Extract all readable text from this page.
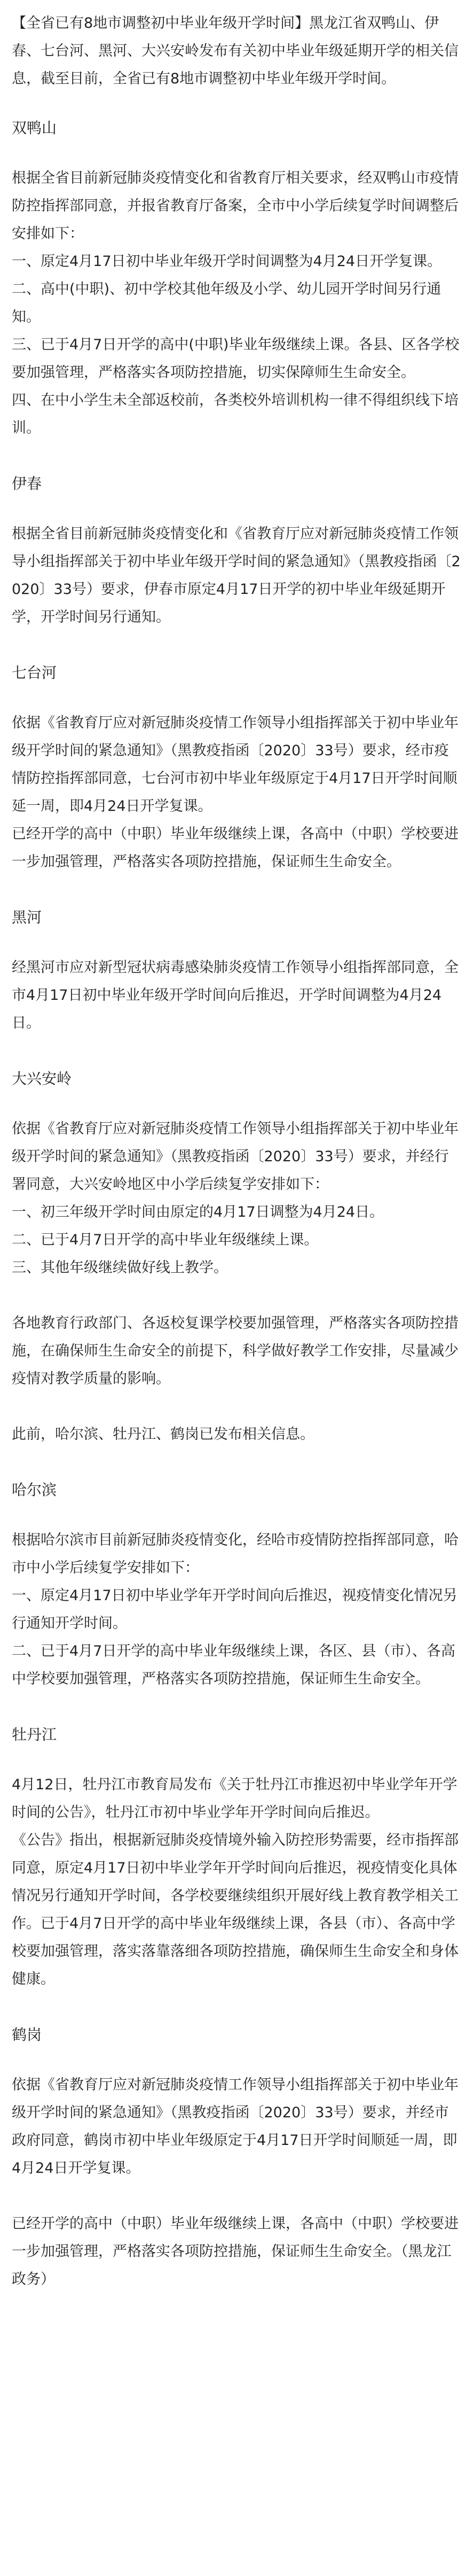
【全省已有8地市调整初中毕业年级开学时间】黑龙江省双鸭山、伊春、七台河、黑河、大兴安岭发布有关初中毕业年级延期开学的相关信息，截至目前，全省已有8地市调整初中毕业年级开学时间。
双鸭山
根据全省目前新冠肺炎疫情变化和省教育厅相关要求，经双鸭山市疫情防控指挥部同意，并报省教育厅备案，全市中小学后续复学时间调整后安排如下：
一、原定4月17日初中毕业年级开学时间调整为4月24日开学复课。
二、高中(中职)、初中学校其他年级及小学、幼儿园开学时间另行通知。
三、已于4月7日开学的高中(中职)毕业年级继续上课。各县、区各学校要加强管理，严格落实各项防控措施，切实保障师生生命安全。
四、在中小学生未全部返校前，各类校外培训机构一律不得组织线下培训。
伊春
根据全省目前新冠肺炎疫情变化和《省教育厅应对新冠肺炎疫情工作领导小组指挥部关于初中毕业年级开学时间的紧急通知》（黑教疫指函〔2020〕33号）要求，伊春市原定4月17日开学的初中毕业年级延期开学，开学时间另行通知。
七台河
依据《省教育厅应对新冠肺炎疫情工作领导小组指挥部关于初中毕业年级开学时间的紧急通知》（黑教疫指函〔2020〕33号）要求，经市疫情防控指挥部同意，七台河市初中毕业年级原定于4月17日开学时间顺延一周，即4月24日开学复课。
已经开学的高中（中职）毕业年级继续上课，各高中（中职）学校要进一步加强管理，严格落实各项防控措施，保证师生生命安全。
黑河
经黑河市应对新型冠状病毒感染肺炎疫情工作领导小组指挥部同意，全市4月17日初中毕业年级开学时间向后推迟，开学时间调整为4月24日。
大兴安岭
依据《省教育厅应对新冠肺炎疫情工作领导小组指挥部关于初中毕业年级开学时间的紧急通知》（黑教疫指函〔2020〕33号）要求，并经行署同意，大兴安岭地区中小学后续复学安排如下：
一、初三年级开学时间由原定的4月17日调整为4月24日。
二、已于4月7日开学的高中毕业年级继续上课。
三、其他年级继续做好线上教学。
各地教育行政部门、各返校复课学校要加强管理，严格落实各项防控措施，在确保师生生命安全的前提下，科学做好教学工作安排，尽量减少疫情对教学质量的影响。
此前，哈尔滨、牡丹江、鹤岗已发布相关信息。
哈尔滨
根据哈尔滨市目前新冠肺炎疫情变化，经哈市疫情防控指挥部同意，哈市中小学后续复学安排如下：
一、原定4月17日初中毕业学年开学时间向后推迟，视疫情变化情况另行通知开学时间。
二、已于4月7日开学的高中毕业年级继续上课，各区、县（市）、各高中学校要加强管理，严格落实各项防控措施，保证师生生命安全。
牡丹江
4月12日，牡丹江市教育局发布《关于牡丹江市推迟初中毕业学年开学时间的公告》，牡丹江市初中毕业学年开学时间向后推迟。
《公告》指出，根据新冠肺炎疫情境外输入防控形势需要，经市指挥部同意，原定4月17日初中毕业学年开学时间向后推迟，视疫情变化具体情况另行通知开学时间，各学校要继续组织开展好线上教育教学相关工作。已于4月7日开学的高中毕业年级继续上课，各县（市）、各高中学校要加强管理，落实落靠落细各项防控措施，确保师生生命安全和身体健康。
鹤岗
依据《省教育厅应对新冠肺炎疫情工作领导小组指挥部关于初中毕业年级开学时间的紧急通知》（黑教疫指函〔2020〕33号）要求，并经市政府同意，鹤岗市初中毕业年级原定于4月17日开学时间顺延一周，即4月24日开学复课。
已经开学的高中（中职）毕业年级继续上课，各高中（中职）学校要进一步加强管理，严格落实各项防控措施，保证师生生命安全。（黑龙江政务）
